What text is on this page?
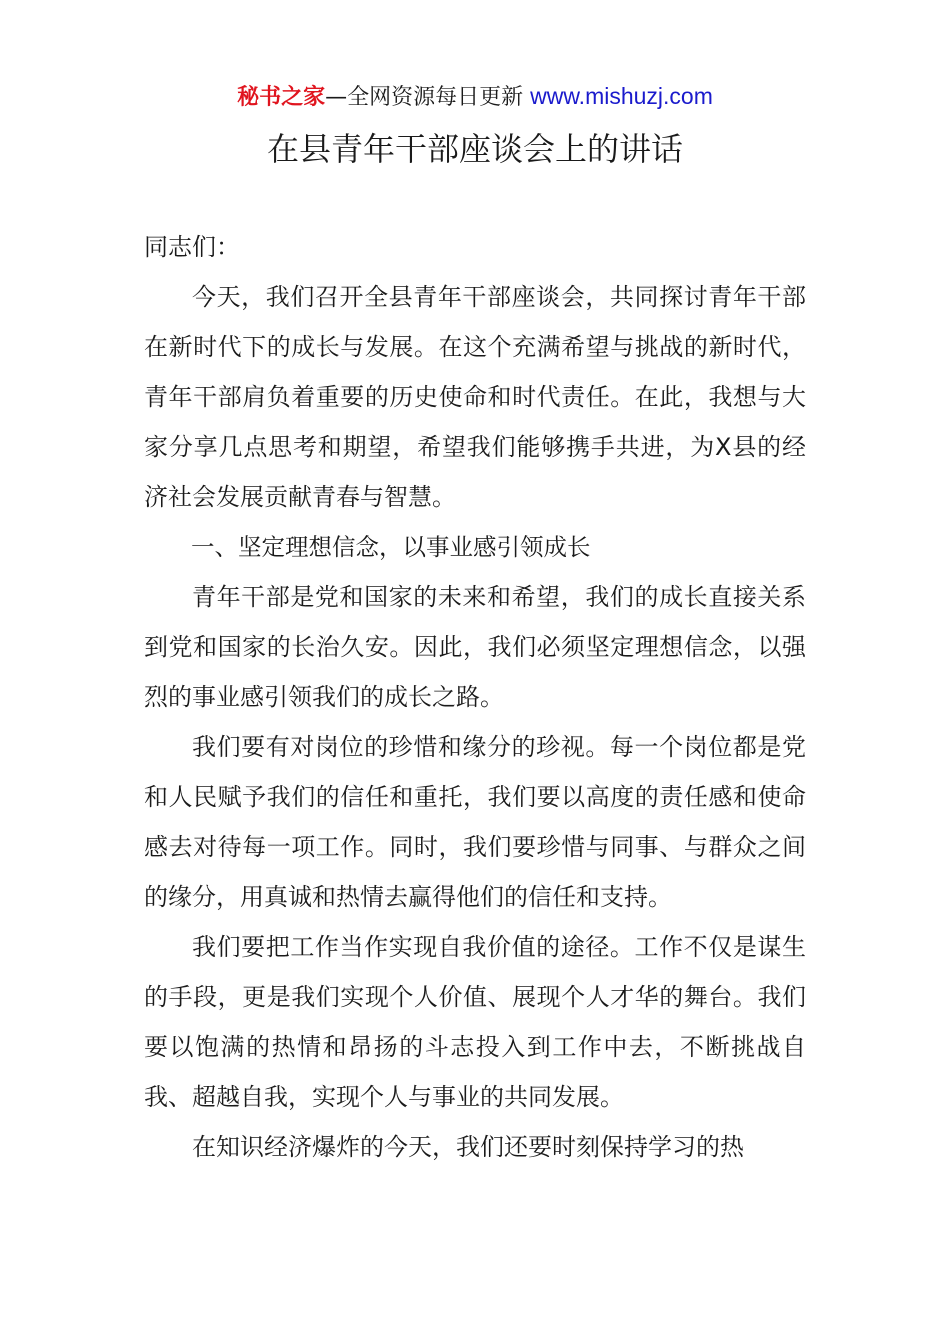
秘书之家—全网资源每日更新 www.mishuzj.com
在县青年干部座谈会上的讲话

同志们：

今天，我们召开全县青年干部座谈会，共同探讨青年干部在新时代下的成长与发展。在这个充满希望与挑战的新时代，青年干部肩负着重要的历史使命和时代责任。在此，我想与大家分享几点思考和期望，希望我们能够携手共进，为X县的经济社会发展贡献青春与智慧。

一、坚定理想信念，以事业感引领成长

青年干部是党和国家的未来和希望，我们的成长直接关系到党和国家的长治久安。因此，我们必须坚定理想信念，以强烈的事业感引领我们的成长之路。

我们要有对岗位的珍惜和缘分的珍视。每一个岗位都是党和人民赋予我们的信任和重托，我们要以高度的责任感和使命感去对待每一项工作。同时，我们要珍惜与同事、与群众之间的缘分，用真诚和热情去赢得他们的信任和支持。

我们要把工作当作实现自我价值的途径。工作不仅是谋生的手段，更是我们实现个人价值、展现个人才华的舞台。我们要以饱满的热情和昂扬的斗志投入到工作中去，不断挑战自我、超越自我，实现个人与事业的共同发展。

在知识经济爆炸的今天，我们还要时刻保持学习的热
